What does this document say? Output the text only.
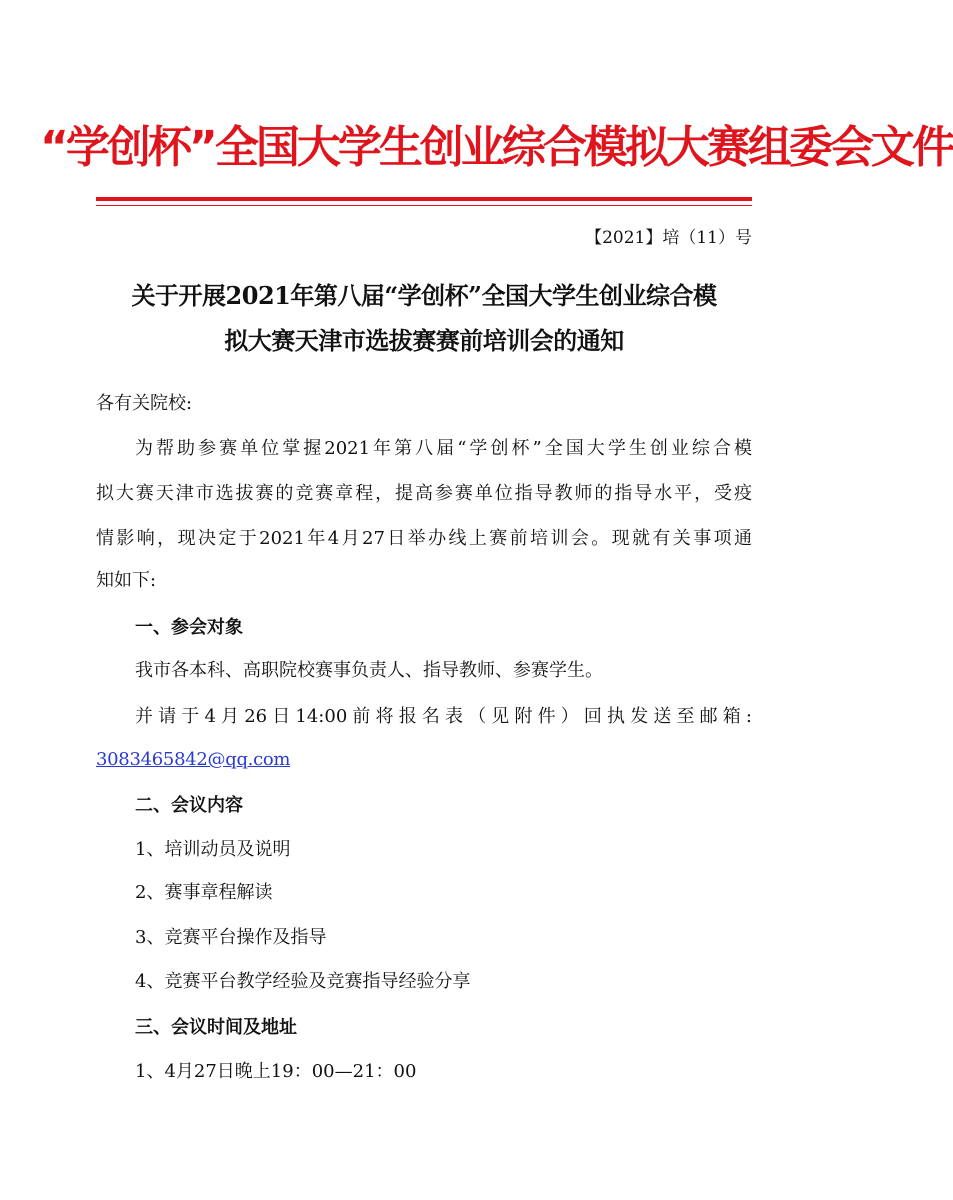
“学创杯”全国大学生创业综合模拟大赛组委会文件
【2021】培（11）号
关于开展2021年第八届“学创杯”全国大学生创业综合模
拟大赛天津市选拔赛赛前培训会的通知
各有关院校:
为帮助参赛单位掌握2021年第八届“学创杯”全国大学生创业综合模
拟大赛天津市选拔赛的竞赛章程，提高参赛单位指导教师的指导水平，受疫
情影响，现决定于2021年4月27日举办线上赛前培训会。现就有关事项通
知如下:
一、参会对象
我市各本科、高职院校赛事负责人、指导教师、参赛学生。
并请于4月26日14:00前将报名表（见附件）回执发送至邮箱:
3083465842@qq.com
二、会议内容
1、培训动员及说明
2、赛事章程解读
3、竞赛平台操作及指导
4、竞赛平台教学经验及竞赛指导经验分享
三、会议时间及地址
1、4月27日晚上19：00—21：00
